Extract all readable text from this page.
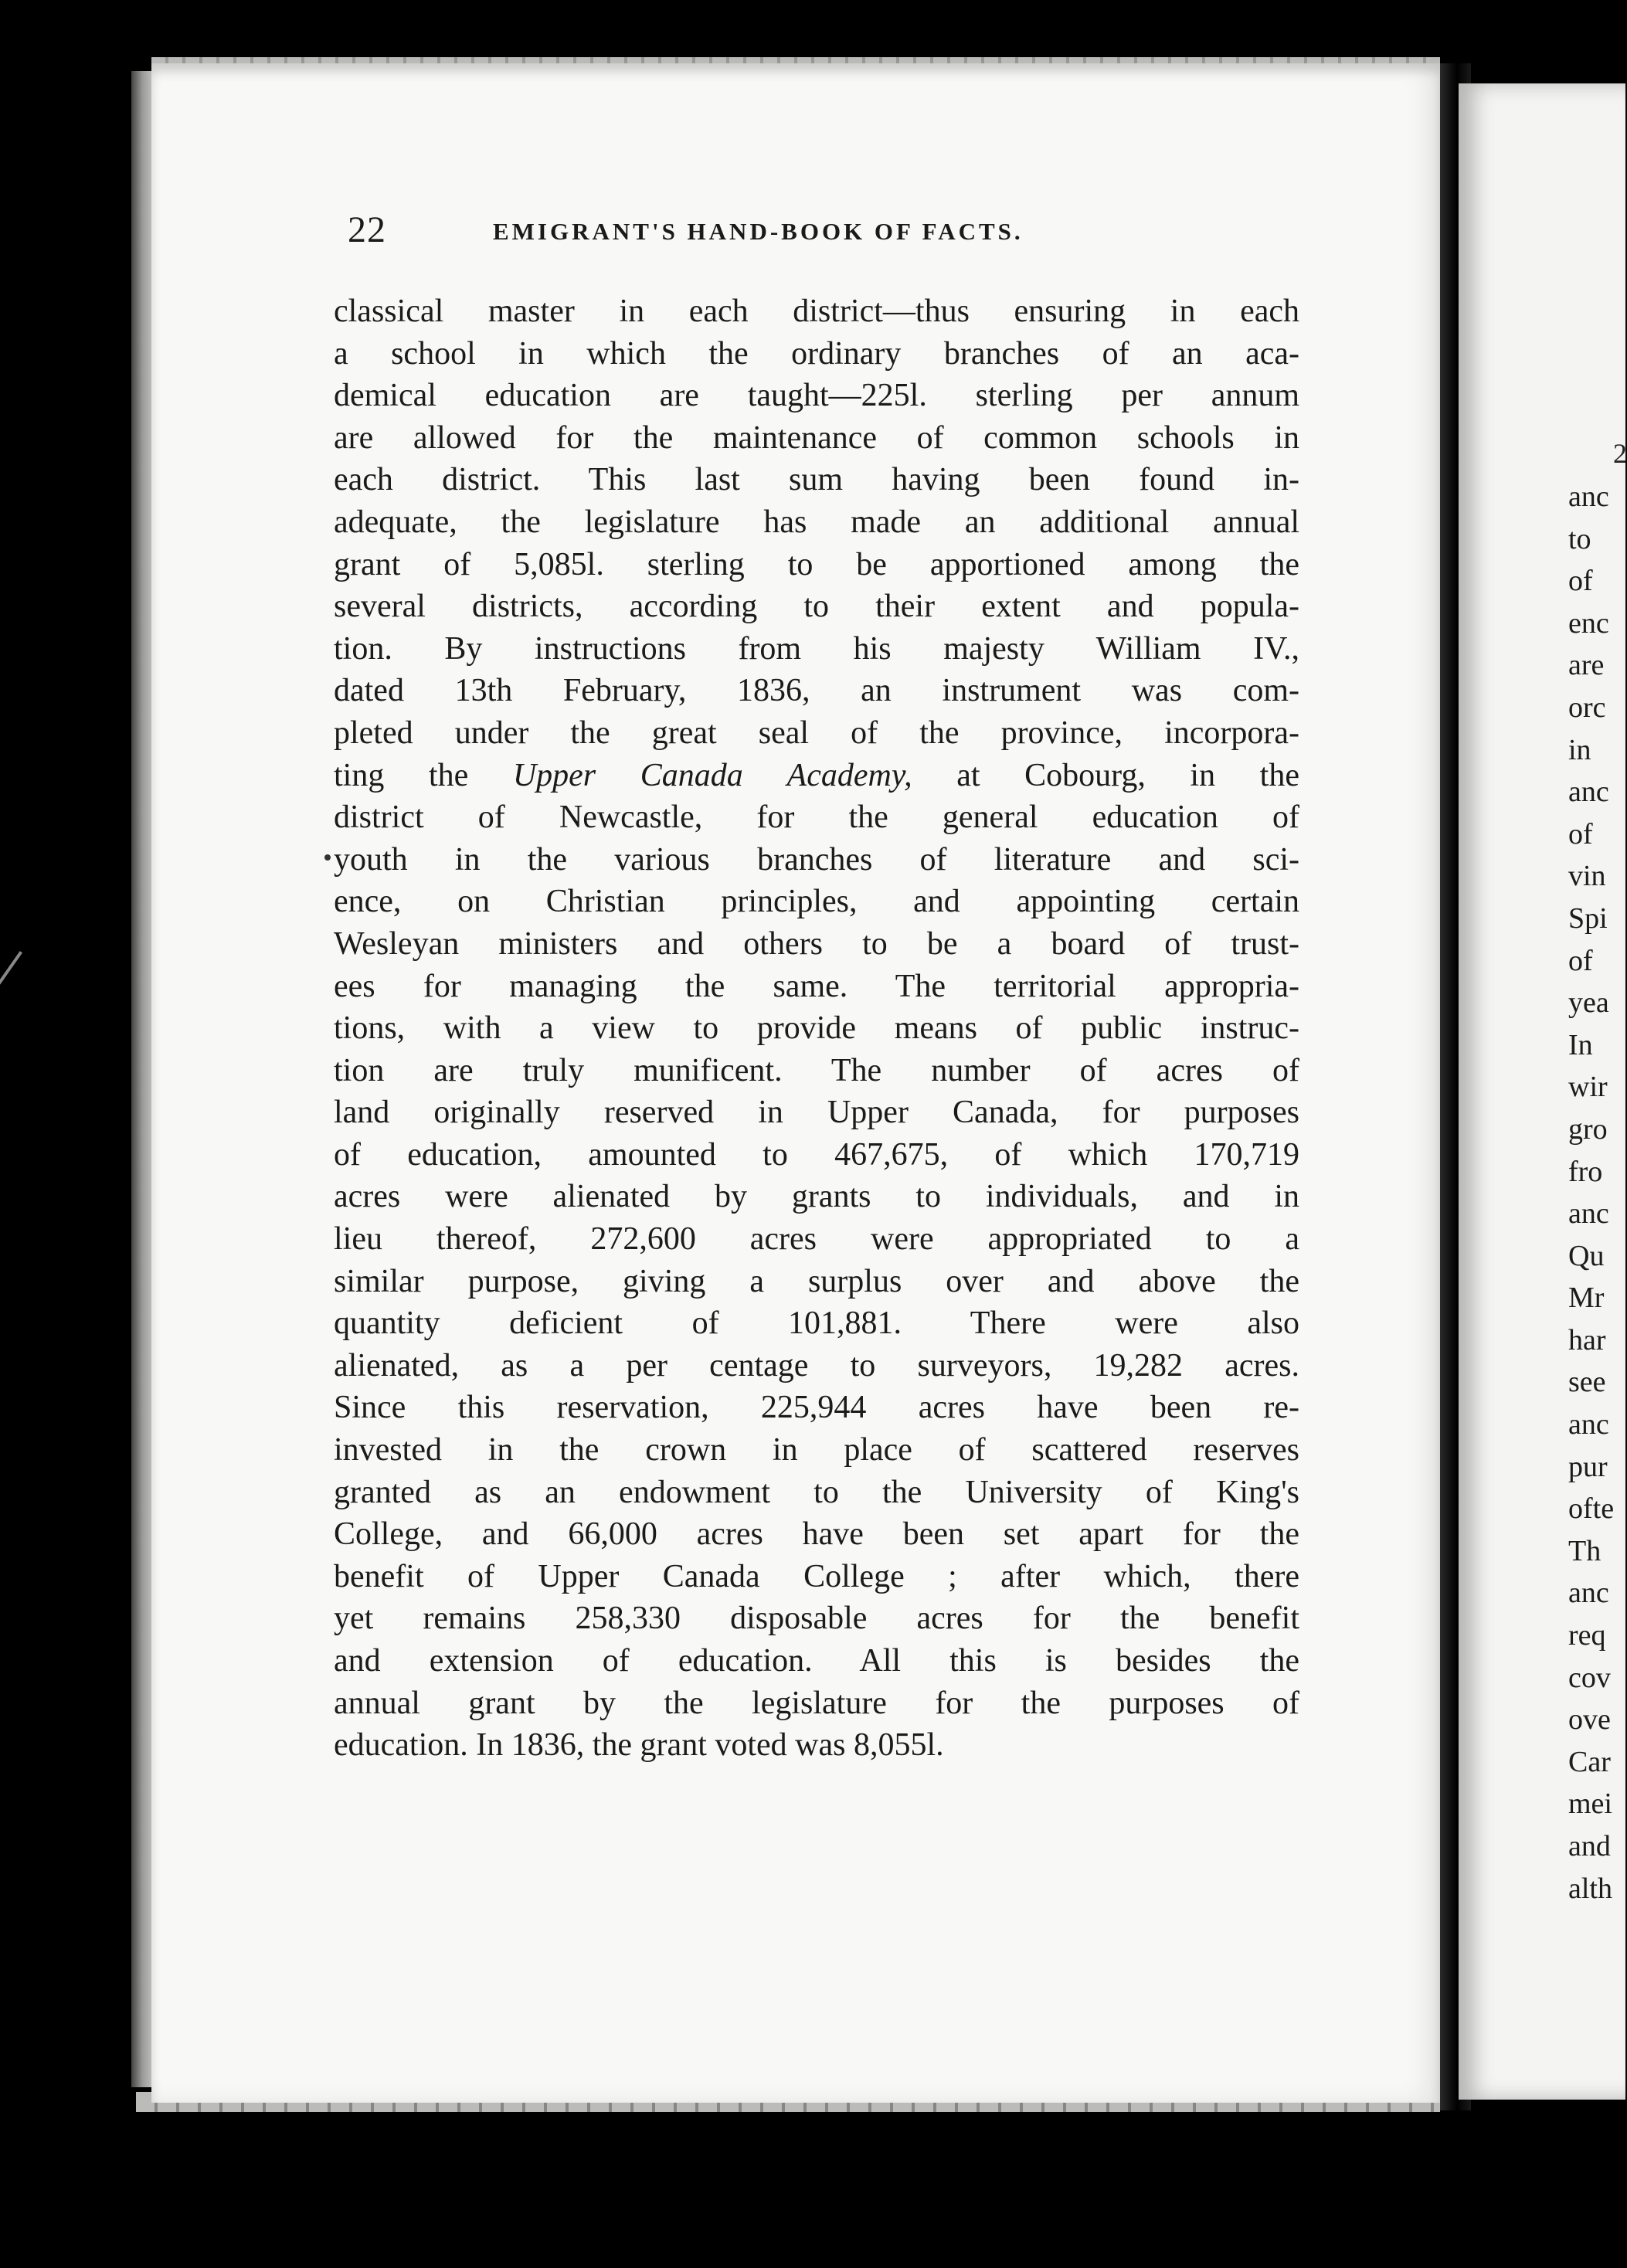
2
anc
to
of
enc
are
orc
in
anc
of
vin
Spi
of
yea
In
wir
gro
fro
anc
Qu
Mr
har
see
anc
pur
ofte
Th
anc
req
cov
ove
Car
mei
and
alth
22	EMIGRANT'S HAND-BOOK OF FACTS.
classical master in each district—thus ensuring in each
a school in which the ordinary branches of an aca-
demical education are taught—225l. sterling per annum
are allowed for the maintenance of common schools in
each district. This last sum having been found in-
adequate, the legislature has made an additional annual
grant of 5,085l. sterling to be apportioned among the
several districts, according to their extent and popula-
tion. By instructions from his majesty William IV.,
dated 13th February, 1836, an instrument was com-
pleted under the great seal of the province, incorpora-
ting the Upper Canada Academy, at Cobourg, in the
district of Newcastle, for the general education of
youth in the various branches of literature and sci-
ence, on Christian principles, and appointing certain
Wesleyan ministers and others to be a board of trust-
ees for managing the same. The territorial appropria-
tions, with a view to provide means of public instruc-
tion are truly munificent. The number of acres of
land originally reserved in Upper Canada, for purposes
of education, amounted to 467,675, of which 170,719
acres were alienated by grants to individuals, and in
lieu thereof, 272,600 acres were appropriated to a
similar purpose, giving a surplus over and above the
quantity deficient of 101,881. There were also
alienated, as a per centage to surveyors, 19,282 acres.
Since this reservation, 225,944 acres have been re-
invested in the crown in place of scattered reserves
granted as an endowment to the University of King's
College, and 66,000 acres have been set apart for the
benefit of Upper Canada College ; after which, there
yet remains 258,330 disposable acres for the benefit
and extension of education. All this is besides the
annual grant by the legislature for the purposes of
education. In 1836, the grant voted was 8,055l.
